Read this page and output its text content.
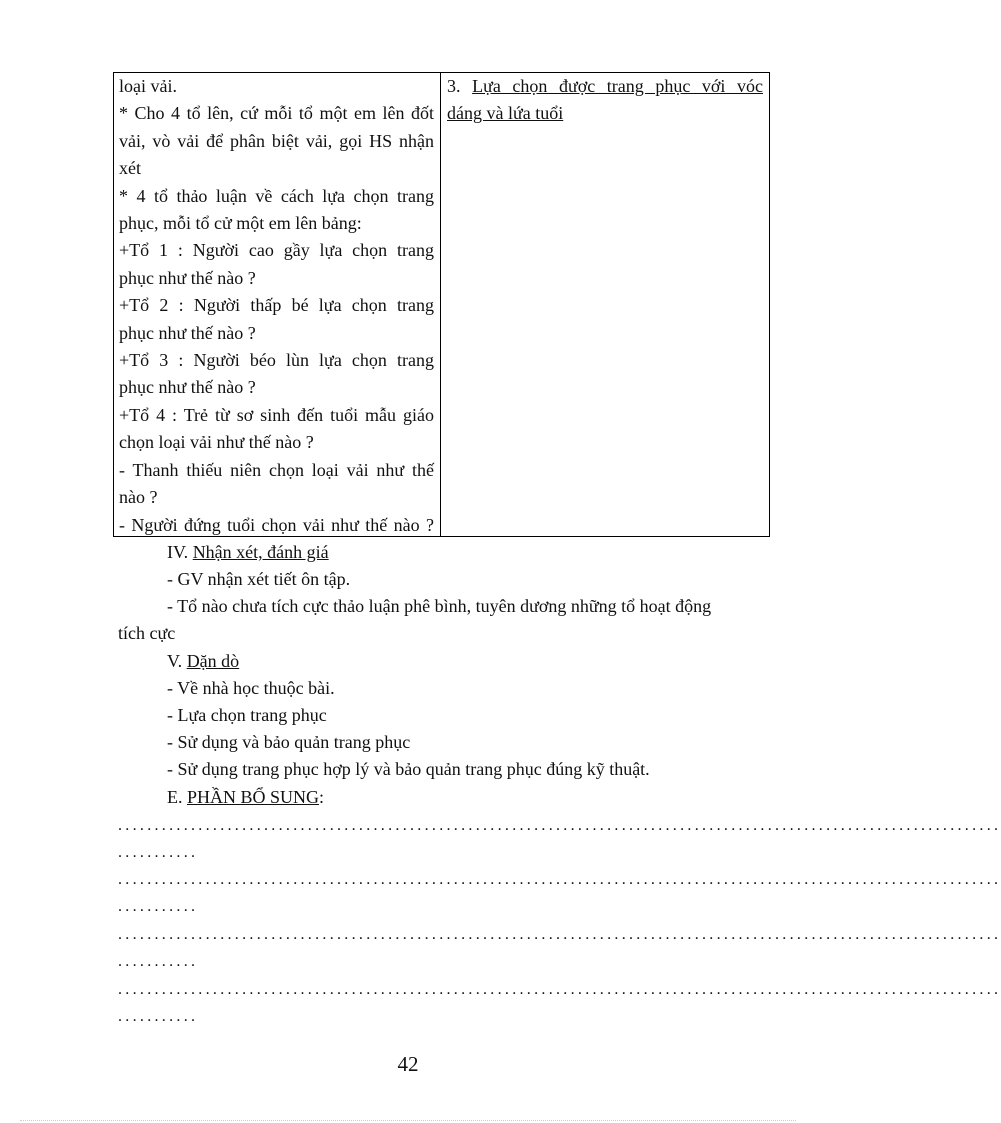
loại vải.
* Cho 4 tổ lên, cứ mỗi tổ một em lên đốt
vải, vò vải để phân biệt vải, gọi HS nhận
xét
* 4 tổ thảo luận về cách lựa chọn trang
phục, mỗi tổ cử một em lên bảng:
+Tổ 1 : Người cao gầy lựa chọn trang
phục như thế nào ?
+Tổ 2 : Người thấp bé lựa chọn trang
phục như thế nào ?
+Tổ 3 : Người béo lùn lựa chọn trang
phục như thế nào ?
+Tổ 4 : Trẻ từ sơ sinh đến tuổi mẫu giáo
chọn loại vải như thế nào ?
- Thanh thiếu niên chọn loại vải như thế
nào ?
- Người đứng tuổi chọn vải như thế nào ?
3. Lựa chọn được trang phục với vóc
dáng và lứa tuổi
IV. Nhận xét, đánh giá
- GV nhận xét tiết ôn tập.
- Tổ nào chưa tích cực thảo luận phê bình, tuyên dương những tổ hoạt động
tích cực
V. Dặn dò
- Về nhà học thuộc bài.
- Lựa chọn trang phục
- Sử dụng và bảo quản trang phục
- Sử dụng trang phục hợp lý và bảo quản trang phục đúng kỹ thuật.
E. PHẦN BỔ SUNG:
.........................................................................................................................
...........
.........................................................................................................................
...........
.........................................................................................................................
...........
.........................................................................................................................
...........
42
